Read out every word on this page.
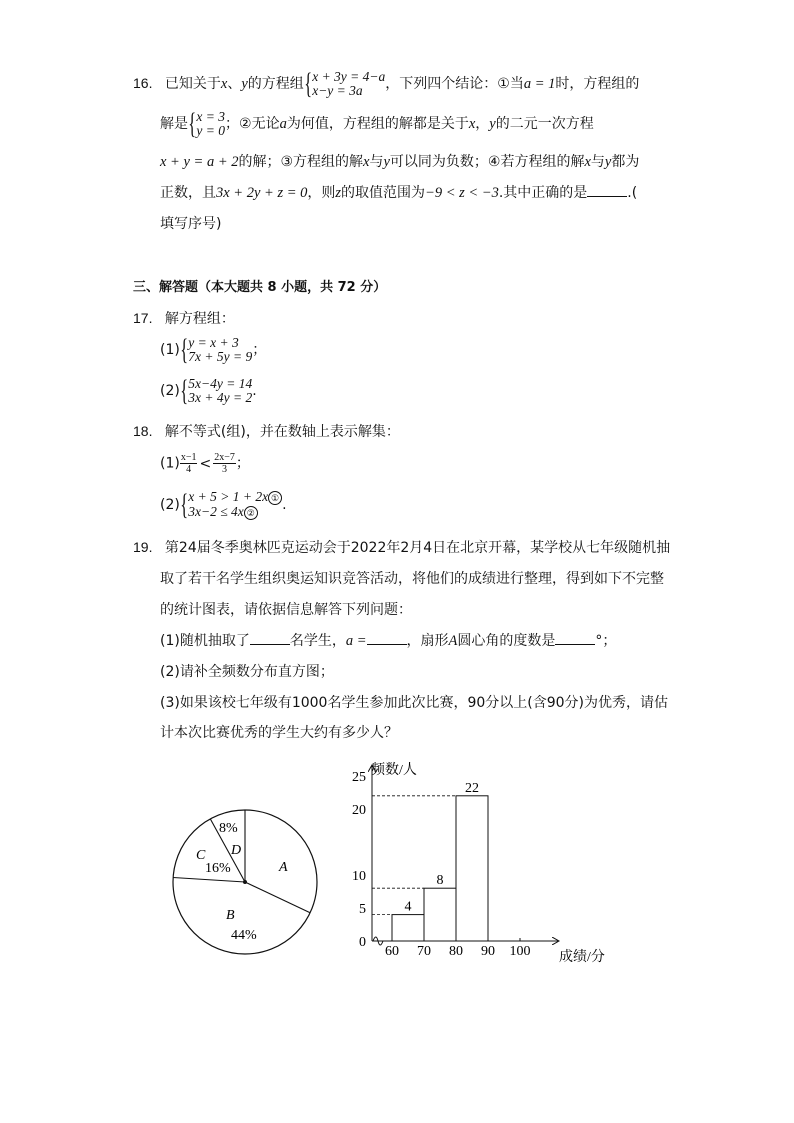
16. 已知关于x、y的方程组 { x + 3y = 4−a
x−y = 3a	，下列四个结论：①当a = 1时，方程组的
解是 { x = 3
y = 0 ；②无论a为何值，方程组的解都是关于x，y的二元一次方程
x + y = a + 2的解；③方程组的解x与y可以同为负数；④若方程组的解x与y都为
正数，且3x + 2y + z = 0，则z的取值范围为−9 < z < −3.其中正确的是	.(
填写序号)
三、解答题（本大题共 8 小题，共 72 分）
17. 解方程组：
(1) { y = x + 3
7x + 5y = 9 ；
(2) { 5x−4y = 14
3x + 4y = 2 .
18. 解不等式(组)，并在数轴上表示解集：
$(1) \frac{x-1}{4} < \frac{2x-7}{3}$ ；
(2) { x + 5 > 1 + 2x ①
3x−2 ≤ 4x ②	.
19. 第24届冬季奥林匹克运动会于2022年2月4日在北京开幕，某学校从七年级随机抽
取了若干名学生组织奥运知识竞答活动，将他们的成绩进行整理，得到如下不完整
的统计图表，请依据信息解答下列问题：
(1)随机抽取了	名学生，a =	，扇形A圆心角的度数是	°；
(2)请补全频数分布直方图；
(3)如果该校七年级有1000名学生参加此次比赛，90分以上(含90分)为优秀，请估
计本次比赛优秀的学生大约有多少人？
A
B
44%
C
16%
D
8%
频数/人
成绩/分
0
5
10
20
25
60 70 80 90 100
4
8
22
